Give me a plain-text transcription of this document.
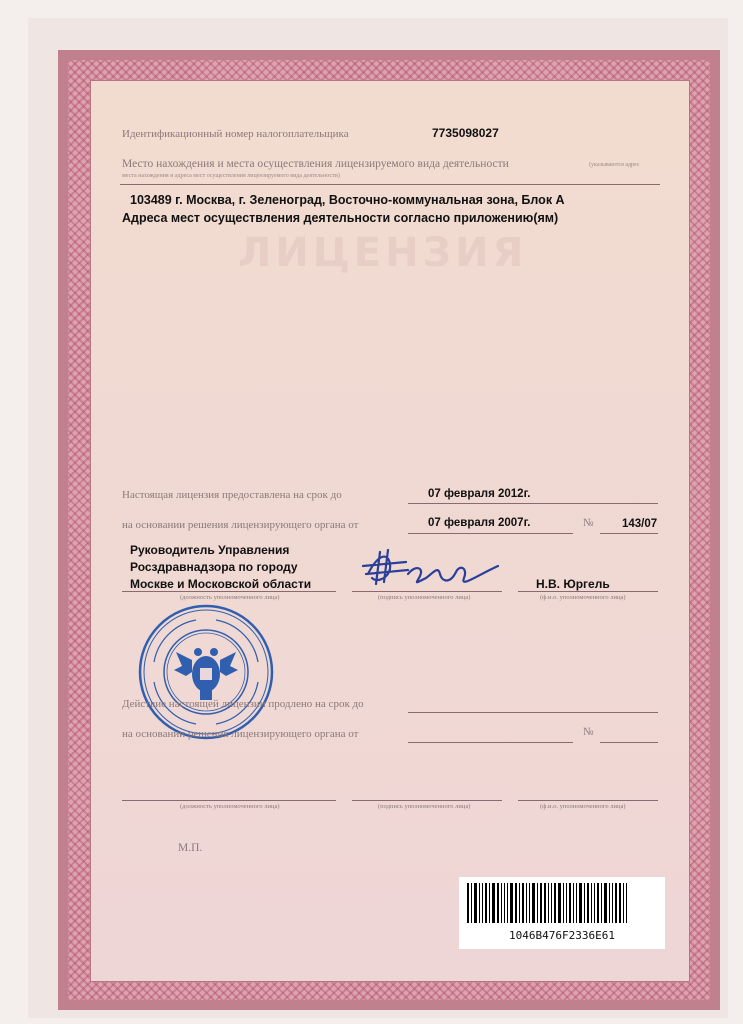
ЛИЦЕНЗИЯ
Идентификационный номер налогоплательщика	7735098027
Место нахождения и места осуществления лицензируемого вида деятельности	(указываются адрес
места нахождения и адреса мест осуществления лицензируемого вида деятельности)
103489 г. Москва, г. Зеленоград, Восточно-коммунальная зона, Блок А
Адреса мест осуществления деятельности согласно приложению(ям)
Настоящая лицензия предоставлена на срок до	07 февраля 2012г.
на основании решения лицензирующего органа от	07 февраля 2007г.	№ 143/07
Руководитель Управления
Росздравнадзора по городу
Москве и Московской области	Н.В. Юргель
(должность уполномоченного лица)	(подпись уполномоченного лица)	(ф.и.о. уполномоченного лица)
Действие настоящей лицензии продлено на срок до
на основании решения лицензирующего органа от	№
(должность уполномоченного лица)	(подпись уполномоченного лица)	(ф.и.о. уполномоченного лица)
М.П.
1046B476F2336E61
